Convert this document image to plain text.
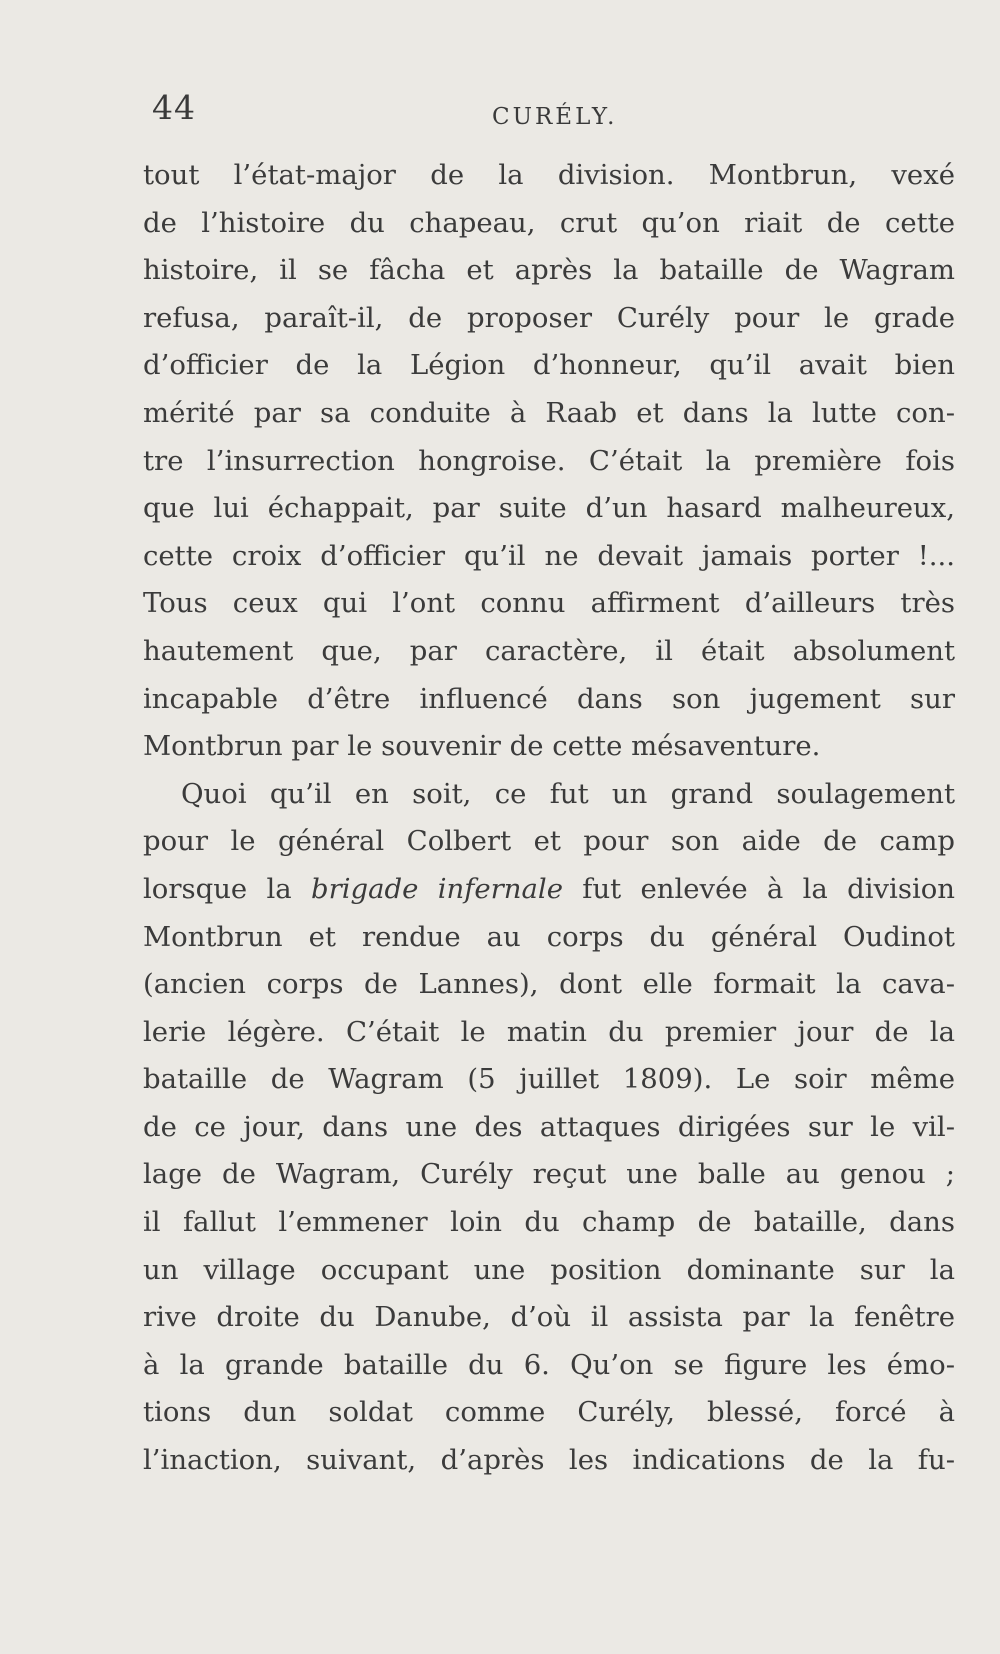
44	CURÉLY.
tout l’état-major de la division. Montbrun, vexé
de l’histoire du chapeau, crut qu’on riait de cette
histoire, il se fâcha et après la bataille de Wagram
refusa, paraît-il, de proposer Curély pour le grade
d’officier de la Légion d’honneur, qu’il avait bien
mérité par sa conduite à Raab et dans la lutte con-
tre l’insurrection hongroise. C’était la première fois
que lui échappait, par suite d’un hasard malheureux,
cette croix d’officier qu’il ne devait jamais porter !...
Tous ceux qui l’ont connu affirment d’ailleurs très
hautement que, par caractère, il était absolument
incapable d’être influencé dans son jugement sur
Montbrun par le souvenir de cette mésaventure.
Quoi qu’il en soit, ce fut un grand soulagement
pour le général Colbert et pour son aide de camp
lorsque la brigade infernale fut enlevée à la division
Montbrun et rendue au corps du général Oudinot
(ancien corps de Lannes), dont elle formait la cava-
lerie légère. C’était le matin du premier jour de la
bataille de Wagram (5 juillet 1809). Le soir même
de ce jour, dans une des attaques dirigées sur le vil-
lage de Wagram, Curély reçut une balle au genou ;
il fallut l’emmener loin du champ de bataille, dans
un village occupant une position dominante sur la
rive droite du Danube, d’où il assista par la fenêtre
à la grande bataille du 6. Qu’on se figure les émo-
tions dun soldat comme Curély, blessé, forcé à
l’inaction, suivant, d’après les indications de la fu-
